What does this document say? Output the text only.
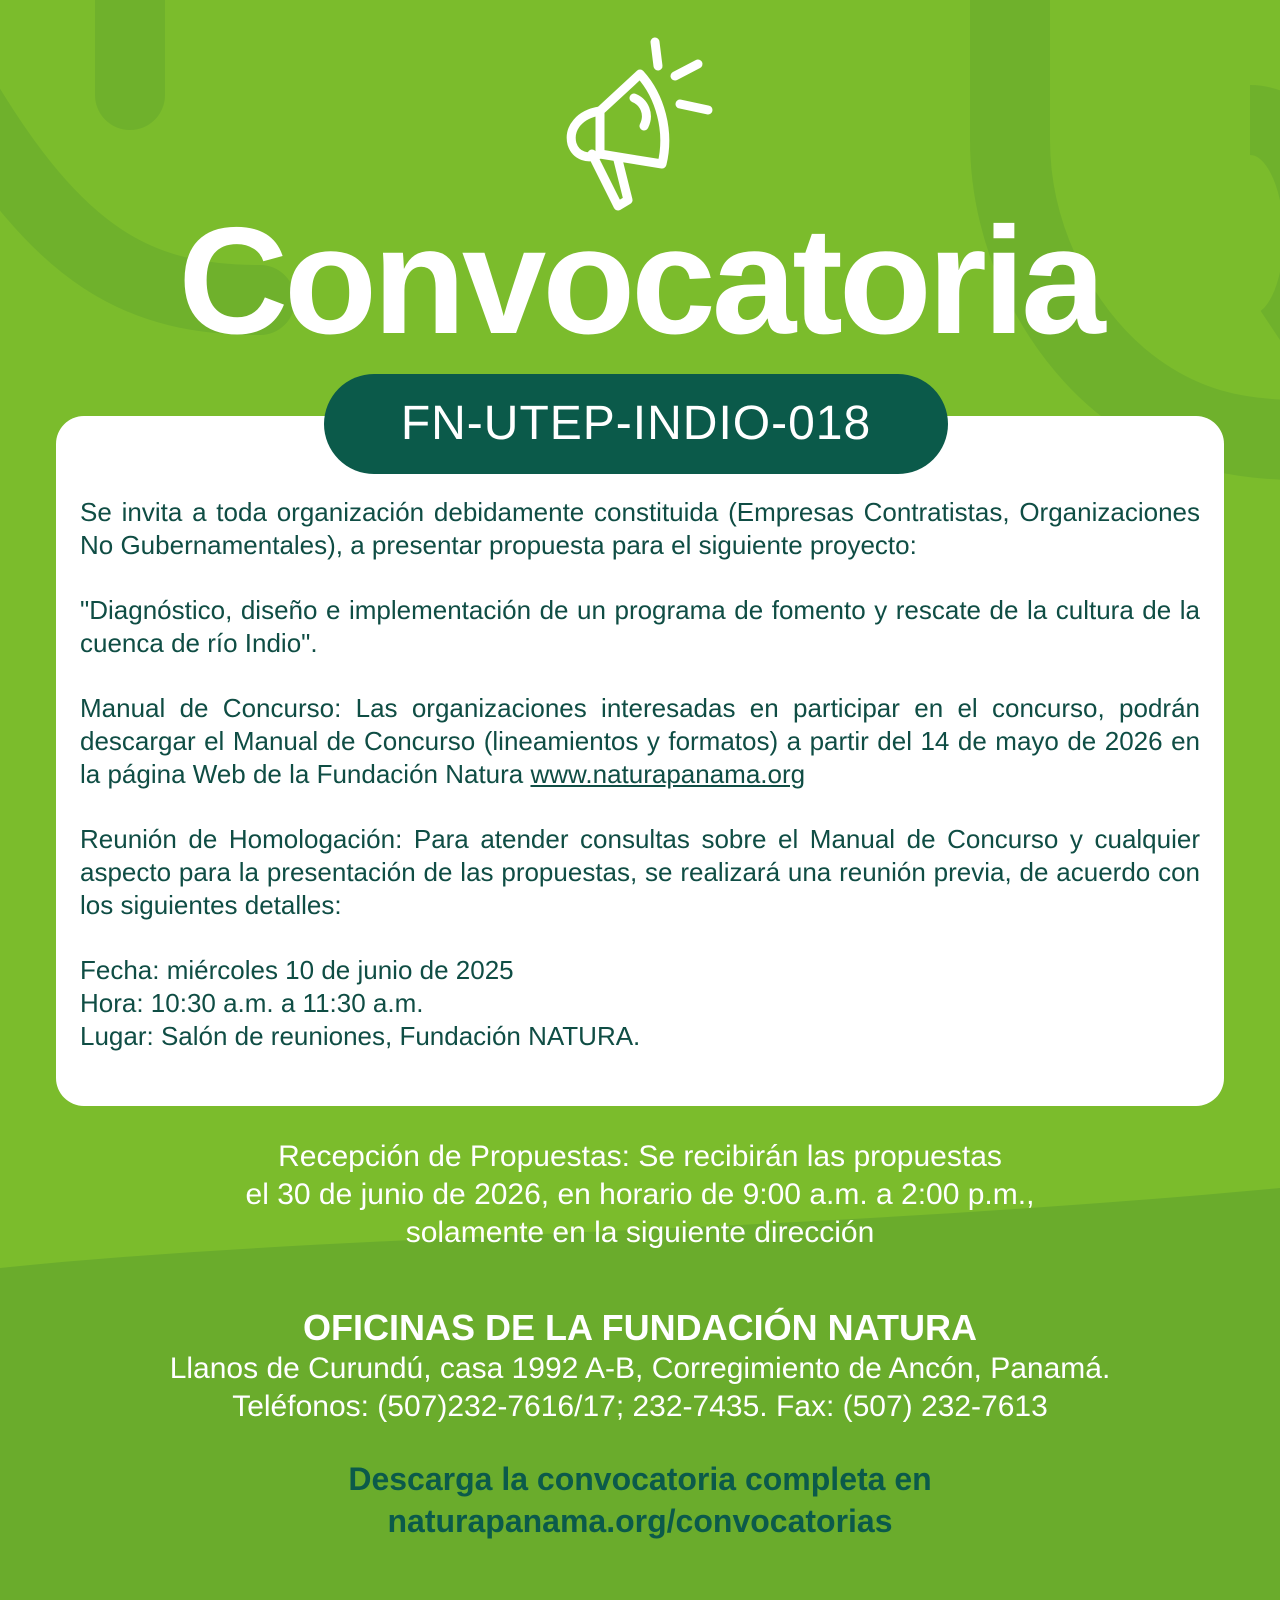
Convocatoria
FN-UTEP-INDIO-018

Se invita a toda organización debidamente constituida (Empresas Contratistas, Organizaciones No Gubernamentales), a presentar propuesta para el siguiente proyecto:

"Diagnóstico, diseño e implementación de un programa de fomento y rescate de la cultura de la cuenca de río Indio".

Manual de Concurso: Las organizaciones interesadas en participar en el concurso, podrán descargar el Manual de Concurso (lineamientos y formatos) a partir del 14 de mayo de 2026 en la página Web de la Fundación Natura www.naturapanama.org

Reunión de Homologación: Para atender consultas sobre el Manual de Concurso y cualquier aspecto para la presentación de las propuestas, se realizará una reunión previa, de acuerdo con los siguientes detalles:

Fecha: miércoles 10 de junio de 2025
Hora: 10:30 a.m. a 11:30 a.m.
Lugar: Salón de reuniones, Fundación NATURA.

Recepción de Propuestas: Se recibirán las propuestas
el 30 de junio de 2026, en horario de 9:00 a.m. a 2:00 p.m.,
solamente en la siguiente dirección
OFICINAS DE LA FUNDACIÓN NATURA
Llanos de Curundú, casa 1992 A-B, Corregimiento de Ancón, Panamá.
Teléfonos: (507)232-7616/17; 232-7435. Fax: (507) 232-7613
Descarga la convocatoria completa en
naturapanama.org/convocatorias
